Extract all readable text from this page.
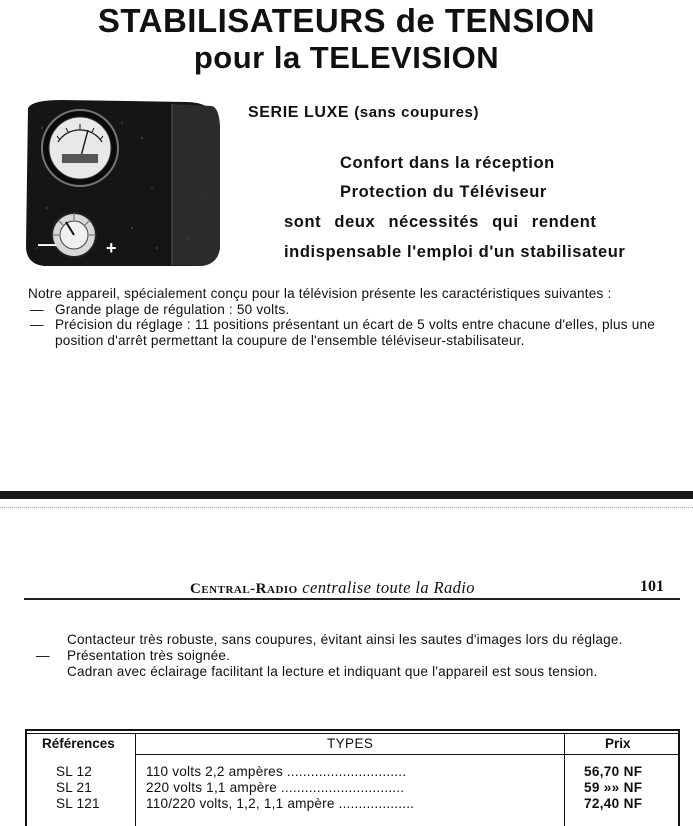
STABILISATEURS de TENSION
pour la TELEVISION
—	+
SERIE LUXE (sans coupures)
Confort dans la réception
Protection du Téléviseur
sont deux nécessités qui rendent
indispensable l'emploi d'un stabilisateur
Notre appareil, spécialement conçu pour la télévision présente les caractéristiques suivantes :
— Grande plage de régulation : 50 volts.
— Précision du réglage : 11 positions présentant un écart de 5 volts entre chacune d'elles, plus une position d'arrêt permettant la coupure de l'ensemble téléviseur-stabilisateur.
Central-Radio centralise toute la Radio	101
Contacteur très robuste, sans coupures, évitant ainsi les sautes d'images lors du réglage.
— Présentation très soignée.
Cadran avec éclairage facilitant la lecture et indiquant que l'appareil est sous tension.
Références	TYPES	Prix
SL 12	110 volts 2,2 ampères ..............................	56,70 NF
SL 21	220 volts 1,1 ampère ...............................	59 »» NF
SL 121	110/220 volts, 1,2, 1,1 ampère ...................	72,40 NF
